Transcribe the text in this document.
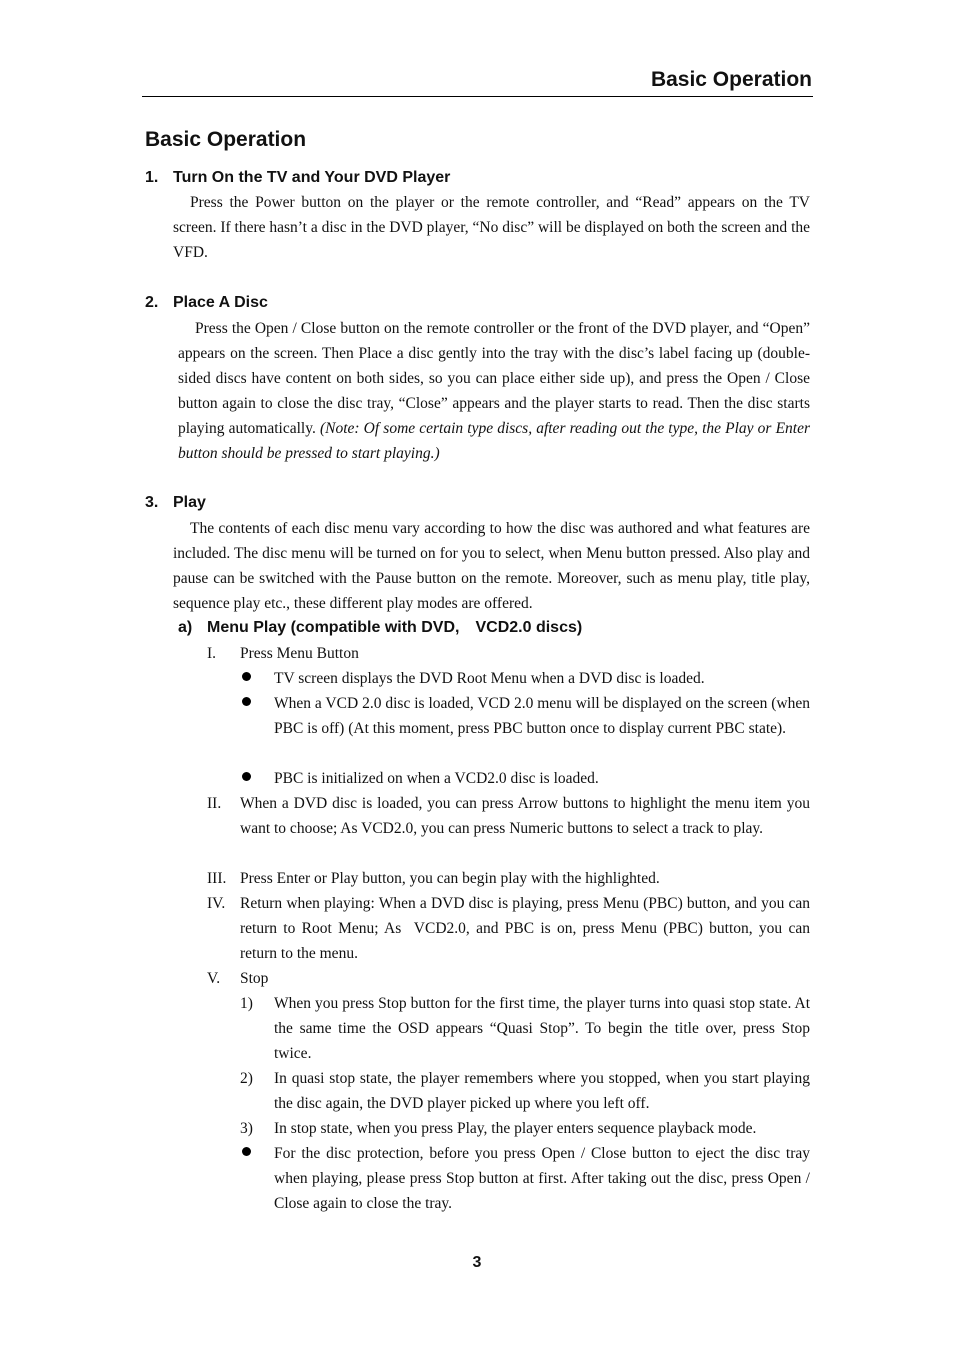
Basic Operation
Basic Operation
1. Turn On the TV and Your DVD Player

Press the Power button on the player or the remote controller, and “Read” appears on the TV screen. If there hasn’t a disc in the DVD player, “No disc” will be displayed on both the screen and the VFD.

2. Place A Disc

Press the Open / Close button on the remote controller or the front of the DVD player, and “Open” appears on the screen. Then Place a disc gently into the tray with the disc’s label facing up (double-sided discs have content on both sides, so you can place either side up), and press the Open / Close button again to close the disc tray, “Close” appears and the player starts to read. Then the disc starts playing automatically. (Note: Of some certain type discs, after reading out the type, the Play or Enter button should be pressed to start playing.)

3. Play

The contents of each disc menu vary according to how the disc was authored and what features are included. The disc menu will be turned on for you to select, when Menu button pressed. Also play and pause can be switched with the Pause button on the remote. Moreover, such as menu play, title play, sequence play etc., these different play modes are offered.

a) Menu Play (compatible with DVD,　VCD2.0 discs)
I. Press Menu Button

TV screen displays the DVD Root Menu when a DVD disc is loaded.

When a VCD 2.0 disc is loaded, VCD 2.0 menu will be displayed on the screen (when PBC is off) (At this moment, press PBC button once to display current PBC state).

PBC is initialized on when a VCD2.0 disc is loaded.

II. When a DVD disc is loaded, you can press Arrow buttons to highlight the menu item you want to choose; As VCD2.0, you can press Numeric buttons to select a track to play.

III. Press Enter or Play button, you can begin play with the highlighted.

IV. Return when playing: When a DVD disc is playing, press Menu (PBC) button, and you can return to Root Menu; As  VCD2.0, and PBC is on, press Menu (PBC) button, you can return to the menu.

V. Stop

1) When you press Stop button for the first time, the player turns into quasi stop state. At the same time the OSD appears “Quasi Stop”. To begin the title over, press Stop twice.

2) In quasi stop state, the player remembers where you stopped, when you start playing the disc again, the DVD player picked up where you left off.

3) In stop state, when you press Play, the player enters sequence playback mode.

For the disc protection, before you press Open / Close button to eject the disc tray when playing, please press Stop button at first. After taking out the disc, press Open / Close again to close the tray.

3
